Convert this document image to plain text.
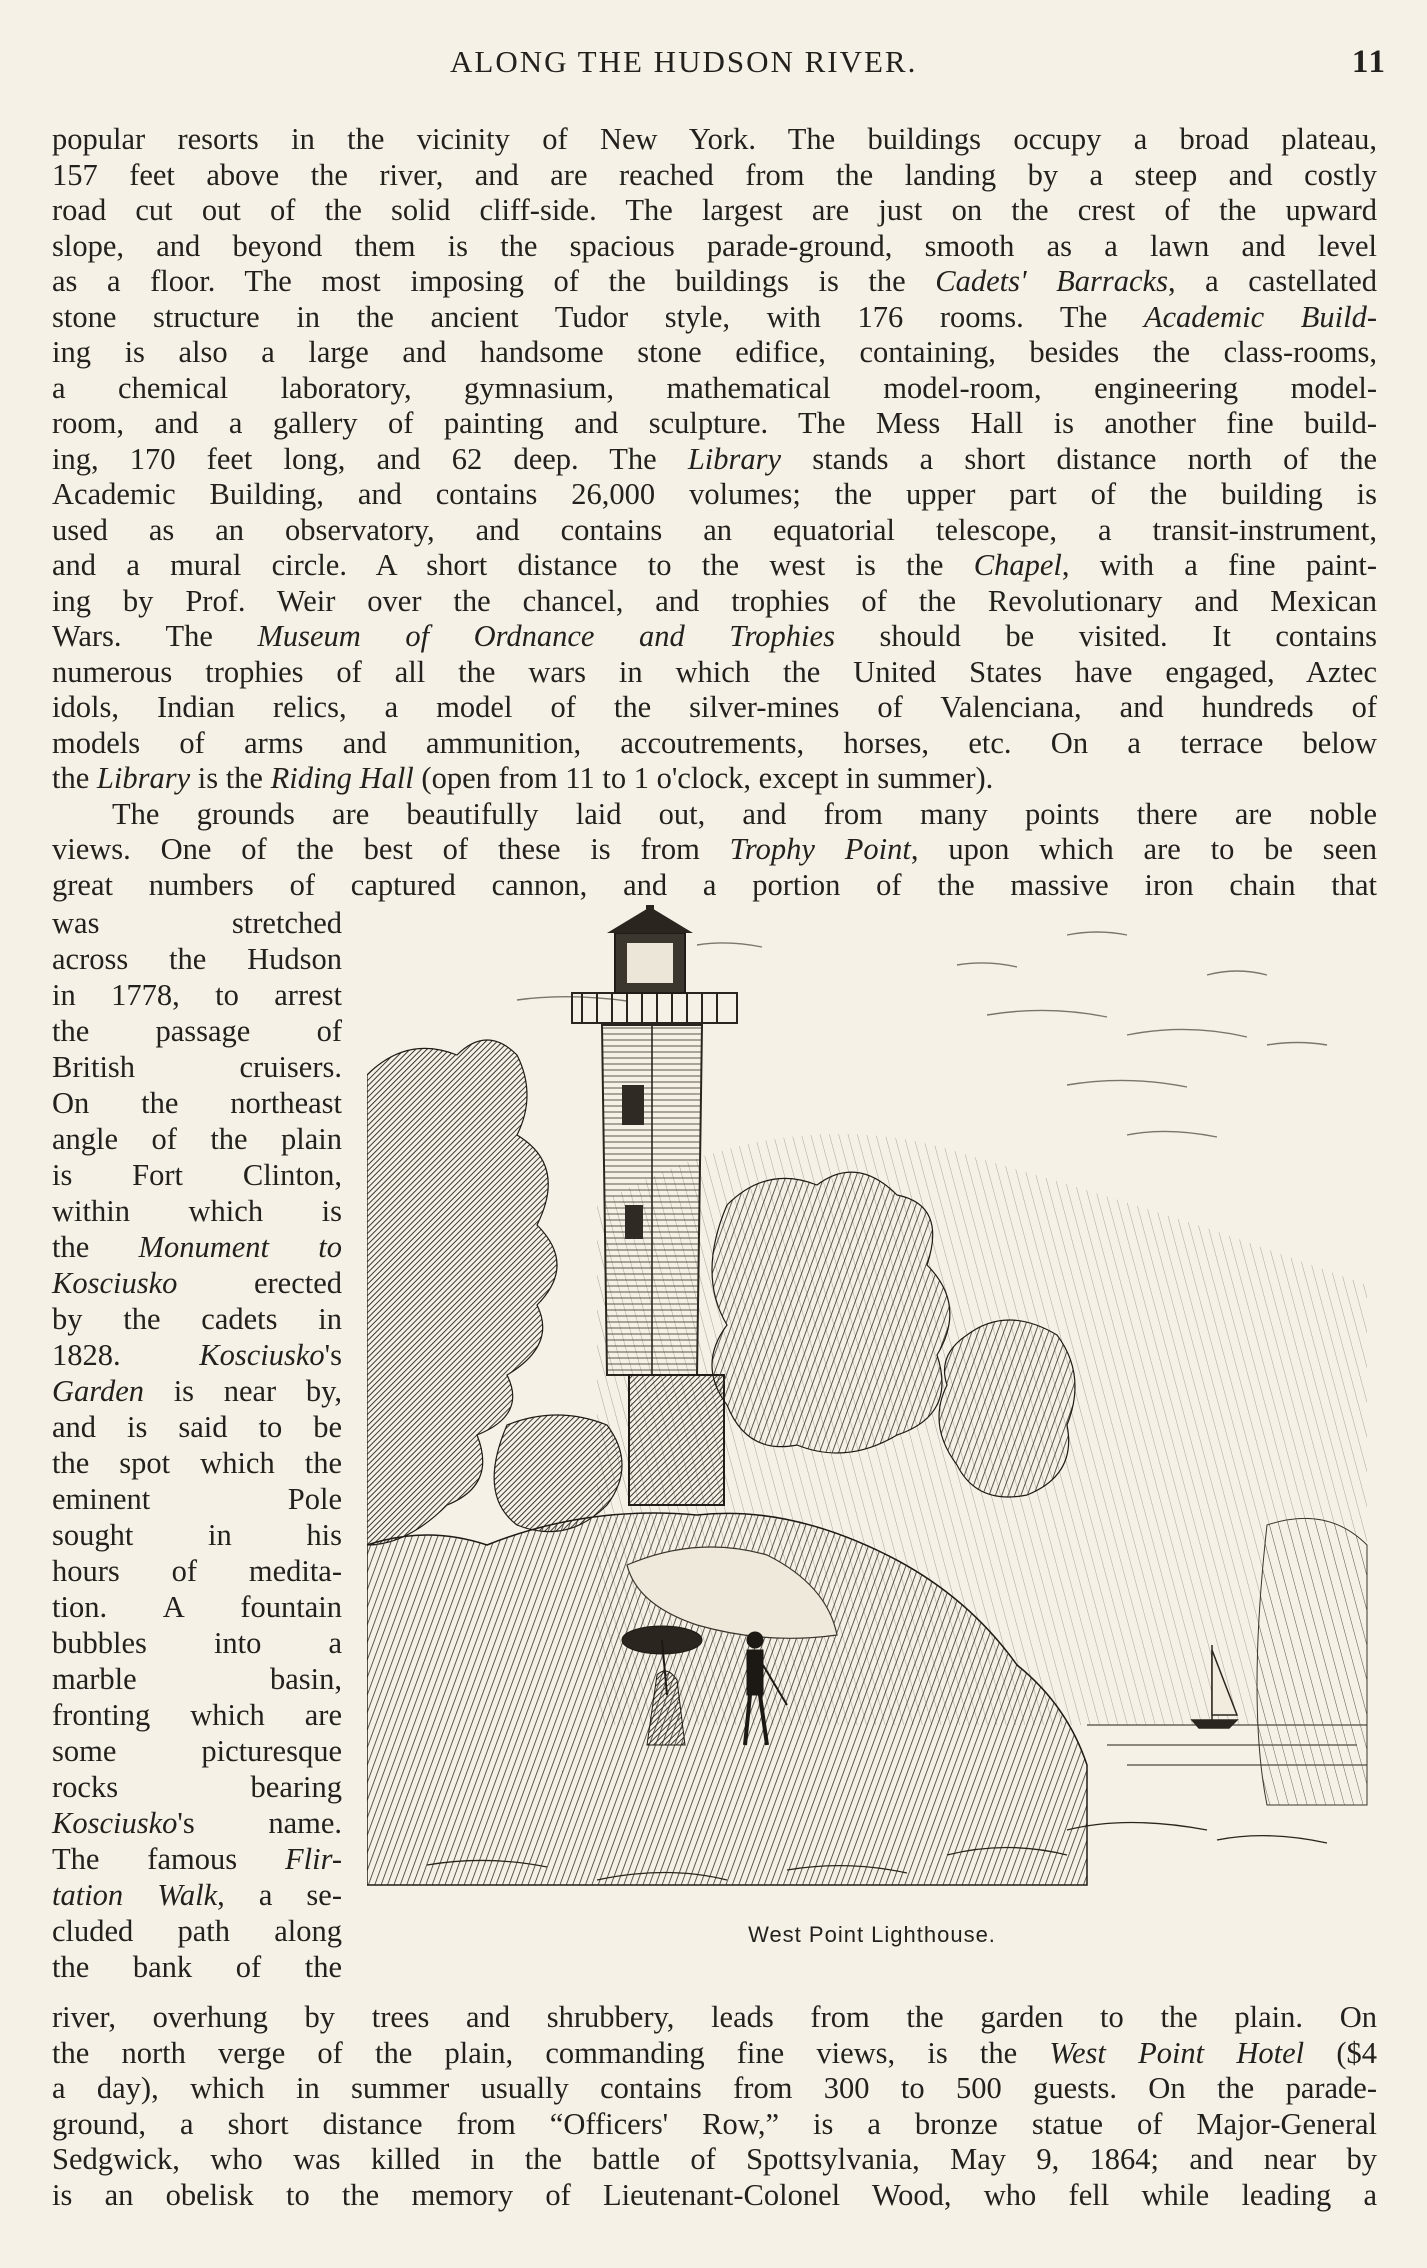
ALONG THE HUDSON RIVER.	11

popular resorts in the vicinity of New York. The buildings occupy a broad plateau,

157 feet above the river, and are reached from the landing by a steep and costly

road cut out of the solid cliff-side. The largest are just on the crest of the upward

slope, and beyond them is the spacious parade-ground, smooth as a lawn and level

as a floor. The most imposing of the buildings is the Cadets' Barracks, a castellated

stone structure in the ancient Tudor style, with 176 rooms. The Academic Build-

ing is also a large and handsome stone edifice, containing, besides the class-rooms,

a chemical laboratory, gymnasium, mathematical model-room, engineering model-

room, and a gallery of painting and sculpture. The Mess Hall is another fine build-

ing, 170 feet long, and 62 deep. The Library stands a short distance north of the

Academic Building, and contains 26,000 volumes; the upper part of the building is

used as an observatory, and contains an equatorial telescope, a transit-instrument,

and a mural circle. A short distance to the west is the Chapel, with a fine paint-

ing by Prof. Weir over the chancel, and trophies of the Revolutionary and Mexican

Wars. The Museum of Ordnance and Trophies should be visited. It contains

numerous trophies of all the wars in which the United States have engaged, Aztec

idols, Indian relics, a model of the silver-mines of Valenciana, and hundreds of

models of arms and ammunition, accoutrements, horses, etc. On a terrace below

the Library is the Riding Hall (open from 11 to 1 o'clock, except in summer).

The grounds are beautifully laid out, and from many points there are noble

views. One of the best of these is from Trophy Point, upon which are to be seen

great numbers of captured cannon, and a portion of the massive iron chain that

was stretched

across the Hudson

in 1778, to arrest

the passage of

British cruisers.

On the northeast

angle of the plain

is Fort Clinton,

within which is

the Monument to

Kosciusko erected

by the cadets in

1828. Kosciusko's

Garden is near by,

and is said to be

the spot which the

eminent Pole

sought in his

hours of medita-

tion. A fountain

bubbles into a

marble basin,

fronting which are

some picturesque

rocks bearing

Kosciusko's name.

The famous Flir-

tation Walk, a se-

cluded path along

the bank of the

West Point Lighthouse.

river, overhung by trees and shrubbery, leads from the garden to the plain. On

the north verge of the plain, commanding fine views, is the West Point Hotel ($4

a day), which in summer usually contains from 300 to 500 guests. On the parade-

ground, a short distance from “Officers' Row,” is a bronze statue of Major-General

Sedgwick, who was killed in the battle of Spottsylvania, May 9, 1864; and near by

is an obelisk to the memory of Lieutenant-Colonel Wood, who fell while leading a
